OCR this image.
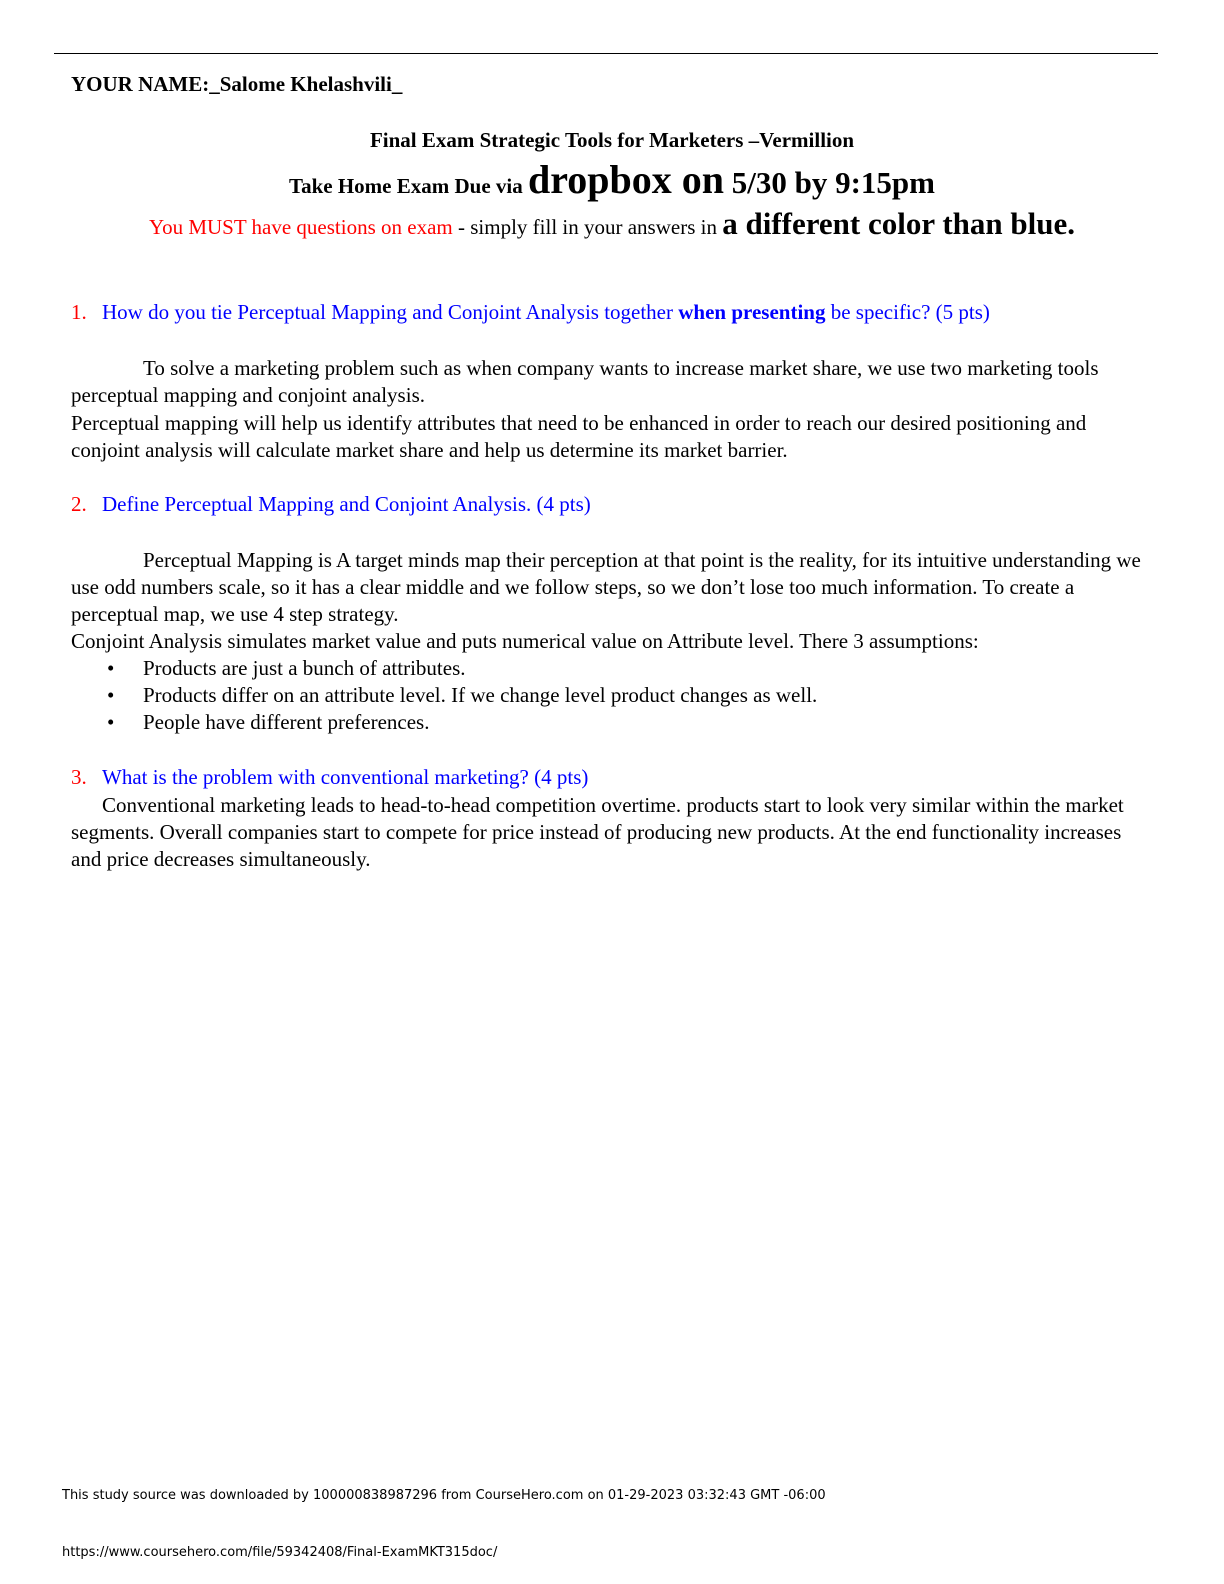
YOUR NAME:_Salome Khelashvili_
Final Exam Strategic Tools for Marketers –Vermillion
Take Home Exam Due via dropbox on 5/30 by 9:15pm
You MUST have questions on exam - simply fill in your answers in a different color than blue.
1. How do you tie Perceptual Mapping and Conjoint Analysis together when presenting be specific? (5 pts)

To solve a marketing problem such as when company wants to increase market share, we use two marketing tools perceptual mapping and conjoint analysis.

Perceptual mapping will help us identify attributes that need to be enhanced in order to reach our desired positioning and conjoint analysis will calculate market share and help us determine its market barrier.

2. Define Perceptual Mapping and Conjoint Analysis. (4 pts)

Perceptual Mapping is A target minds map their perception at that point is the reality, for its intuitive understanding we use odd numbers scale, so it has a clear middle and we follow steps, so we don’t lose too much information. To create a perceptual map, we use 4 step strategy.

Conjoint Analysis simulates market value and puts numerical value on Attribute level. There 3 assumptions:

• Products are just a bunch of attributes.
• Products differ on an attribute level. If we change level product changes as well.
• People have different preferences.
3. What is the problem with conventional marketing? (4 pts)

Conventional marketing leads to head-to-head competition overtime. products start to look very similar within the market segments. Overall companies start to compete for price instead of producing new products. At the end functionality increases and price decreases simultaneously.

This study source was downloaded by 100000838987296 from CourseHero.com on 01-29-2023 03:32:43 GMT -06:00
https://www.coursehero.com/file/59342408/Final-ExamMKT315doc/
